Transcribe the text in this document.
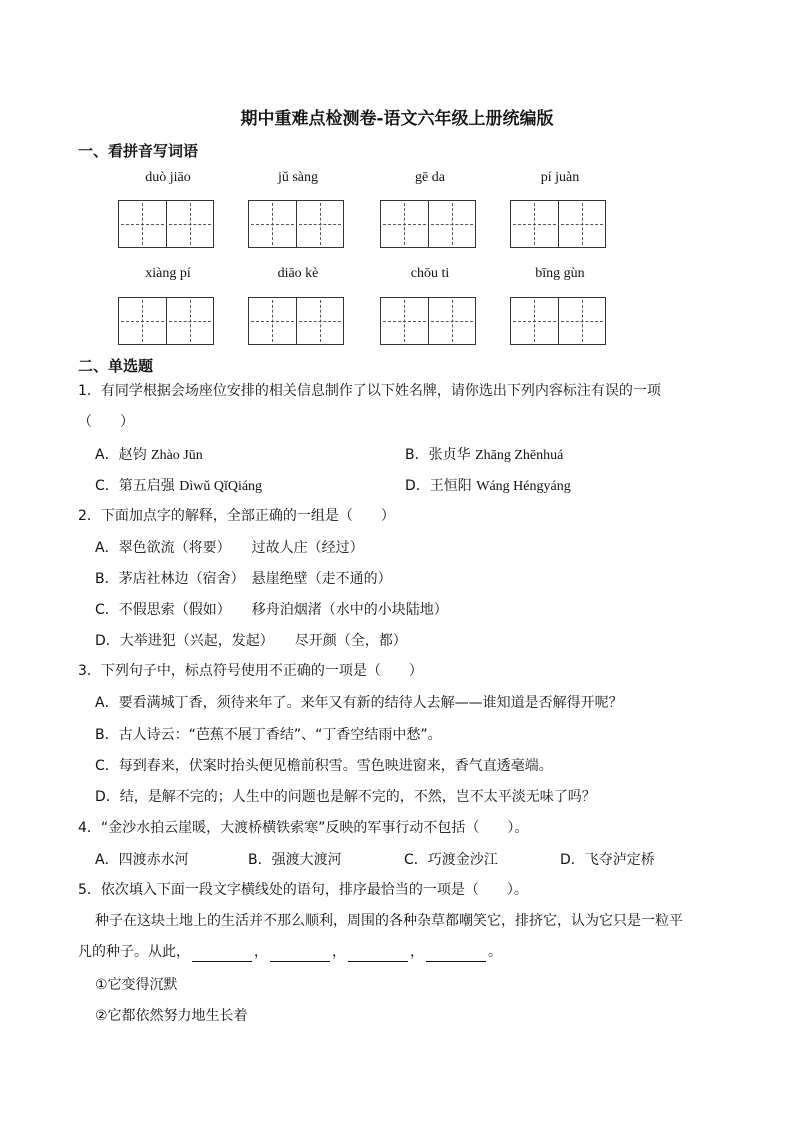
期中重难点检测卷-语文六年级上册统编版
一、看拼音写词语
duò jiāo	jǔ sàng	gē da	pí juàn
xiàng pí	diāo kè	chōu ti	bīng gùn
二、单选题
1．有同学根据会场座位安排的相关信息制作了以下姓名牌，请你选出下列内容标注有误的一项
（　　）
A．赵钧 Zhào Jūn	B．张贞华 Zhāng Zhēnhuá
C．第五启强 Dìwǔ QǐQiáng	D．王恒阳 Wáng Héngyáng
2．下面加点字的解释，全部正确的一组是（　　）
A．翠色欲流（将要）　　过故人庄（经过）
B．茅店社林边（宿舍）　悬崖绝壁（走不通的）
C．不假思索（假如）　　移舟泊烟渚（水中的小块陆地）
D．大举进犯（兴起，发起）　　尽开颜（全，都）
3．下列句子中，标点符号使用不正确的一项是（　　）
A．要看满城丁香，须待来年了。来年又有新的结待人去解——谁知道是否解得开呢？
B．古人诗云：“芭蕉不展丁香结”、“丁香空结雨中愁”。
C．每到春来，伏案时抬头便见檐前积雪。雪色映进窗来，香气直透毫端。
D．结，是解不完的；人生中的问题也是解不完的，不然，岂不太平淡无味了吗？
4．“金沙水拍云崖暖，大渡桥横铁索寒”反映的军事行动不包括（　　）。
A．四渡赤水河	B．强渡大渡河	C．巧渡金沙江	D．飞夺泸定桥
5．依次填入下面一段文字横线处的语句，排序最恰当的一项是（　　）。
种子在这块土地上的生活并不那么顺利，周围的各种杂草都嘲笑它，排挤它，认为它只是一粒平
凡的种子。从此，	，	，	，	。
①它变得沉默
②它都依然努力地生长着
